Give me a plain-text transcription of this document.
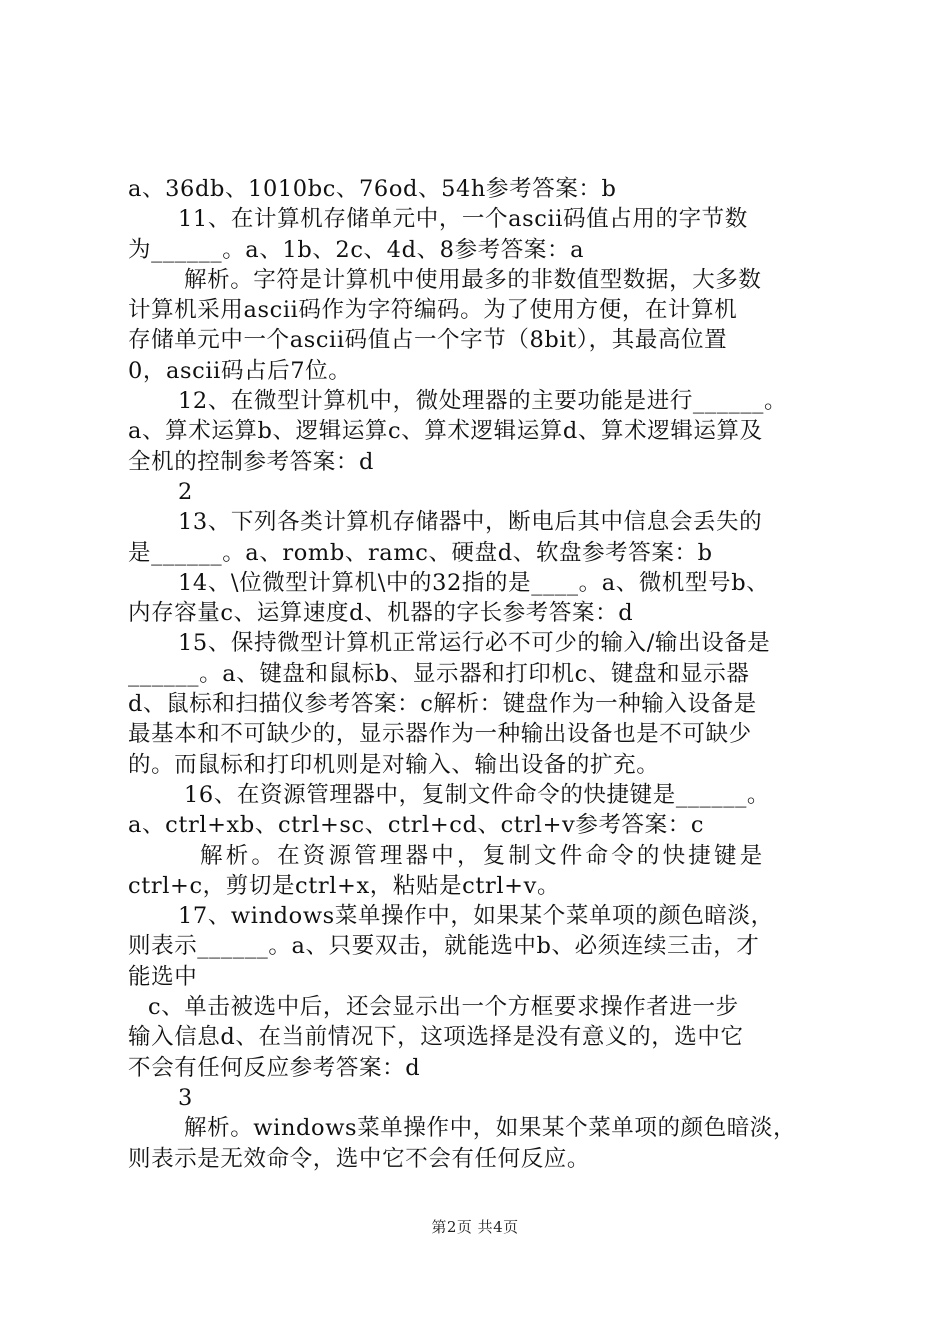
a、36db、1010bc、76od、54h参考答案：b
11、在计算机存储单元中，一个ascii码值占用的字节数
为______。a、1b、2c、4d、8参考答案：a
解析。字符是计算机中使用最多的非数值型数据，大多数
计算机采用ascii码作为字符编码。为了使用方便，在计算机
存储单元中一个ascii码值占一个字节（8bit），其最高位置
0，ascii码占后7位。
12、在微型计算机中，微处理器的主要功能是进行______。
a、算术运算b、逻辑运算c、算术逻辑运算d、算术逻辑运算及
全机的控制参考答案：d
2
13、下列各类计算机存储器中，断电后其中信息会丢失的
是______。a、romb、ramc、硬盘d、软盘参考答案：b
14、\位微型计算机\中的32指的是____。a、微机型号b、
内存容量c、运算速度d、机器的字长参考答案：d
15、保持微型计算机正常运行必不可少的输入/输出设备是
______。a、键盘和鼠标b、显示器和打印机c、键盘和显示器
d、鼠标和扫描仪参考答案：c解析：键盘作为一种输入设备是
最基本和不可缺少的，显示器作为一种输出设备也是不可缺少
的。而鼠标和打印机则是对输入、输出设备的扩充。
16、在资源管理器中，复制文件命令的快捷键是______。
a、ctrl+xb、ctrl+sc、ctrl+cd、ctrl+v参考答案：c
解析。在资源管理器中，复制文件命令的快捷键是
ctrl+c，剪切是ctrl+x，粘贴是ctrl+v。
17、windows菜单操作中，如果某个菜单项的颜色暗淡，
则表示______。a、只要双击，就能选中b、必须连续三击，才
能选中
c、单击被选中后，还会显示出一个方框要求操作者进一步
输入信息d、在当前情况下，这项选择是没有意义的，选中它
不会有任何反应参考答案：d
3
解析。windows菜单操作中，如果某个菜单项的颜色暗淡，
则表示是无效命令，选中它不会有任何反应。
第2页 共4页
